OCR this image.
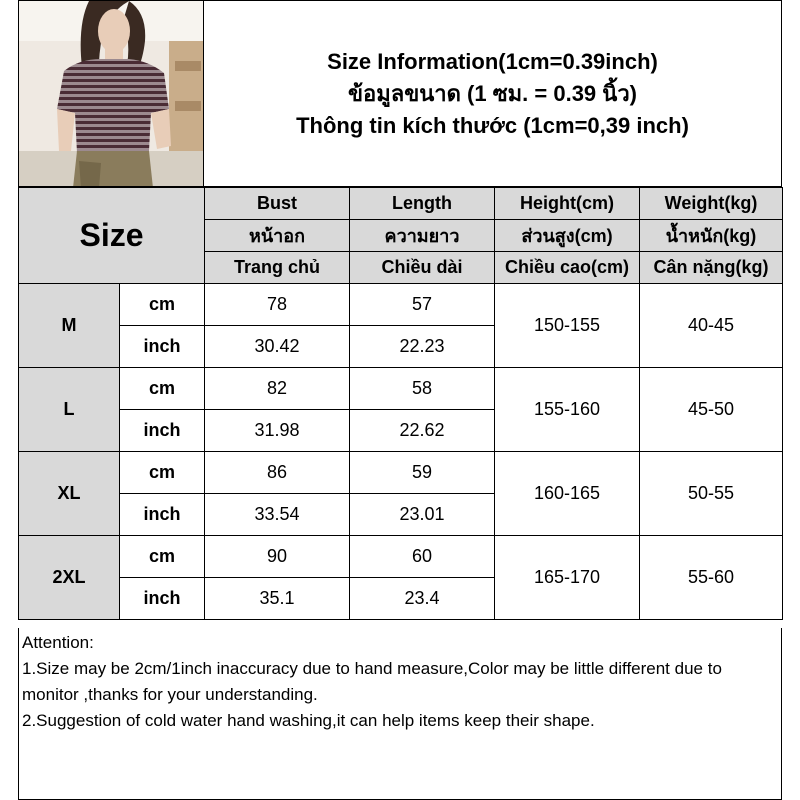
Size Information(1cm=0.39inch)
ข้อมูลขนาด (1 ซม. = 0.39 นิ้ว)
Thông tin kích thước (1cm=0,39 inch)
Size		Bust	Length	Height(cm)	Weight(kg)
		หน้าอก	ความยาว	ส่วนสูง(cm)	น้ำหนัก(kg)
		Trang chủ	Chiều dài	Chiều cao(cm)	Cân nặng(kg)
M	cm	78	57	150-155	40-45
	inch	30.42	22.23		
L	cm	82	58	155-160	45-50
	inch	31.98	22.62		
XL	cm	86	59	160-165	50-55
	inch	33.54	23.01		
2XL	cm	90	60	165-170	55-60
	inch	35.1	23.4		
Attention:
1.Size may be 2cm/1inch inaccuracy due to hand measure,Color may be little different due to monitor ,thanks for your understanding.
2.Suggestion of cold water hand washing,it can help items keep their shape.
